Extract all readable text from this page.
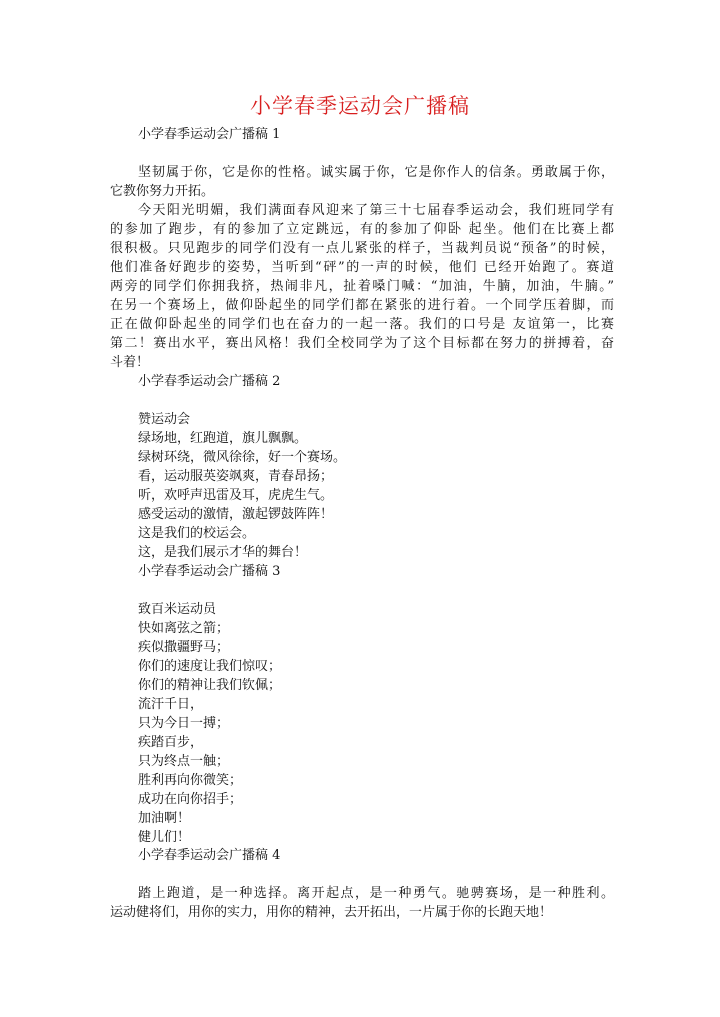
小学春季运动会广播稿
小学春季运动会广播稿 1
坚韧属于你，它是你的性格。诚实属于你，它是你作人的信条。勇敢属于你，
它教你努力开拓。
今天阳光明媚，我们满面春风迎来了第三十七届春季运动会，我们班同学有
的参加了跑步，有的参加了立定跳远，有的参加了仰卧 起坐。他们在比赛上都
很积极。只见跑步的同学们没有一点儿紧张的样子，当裁判员说“预备”的时候，
他们准备好跑步的姿势，当听到“砰”的一声的时候，他们 已经开始跑了。赛道
两旁的同学们你拥我挤，热闹非凡，扯着嗓门喊：“加油，牛腩，加油，牛腩。”
在另一个赛场上，做仰卧起坐的同学们都在紧张的进行着。一个同学压着脚，而
正在做仰卧起坐的同学们也在奋力的一起一落。我们的口号是 友谊第一，比赛
第二！赛出水平，赛出风格！我们全校同学为了这个目标都在努力的拼搏着，奋
斗着！
小学春季运动会广播稿 2
赞运动会
绿场地，红跑道，旗儿飘飘。
绿树环绕，微风徐徐，好一个赛场。
看，运动服英姿飒爽，青春昂扬；
听，欢呼声迅雷及耳，虎虎生气。
感受运动的激情，激起锣鼓阵阵！
这是我们的校运会。
这，是我们展示才华的舞台！
小学春季运动会广播稿 3
致百米运动员
快如离弦之箭；
疾似撒疆野马；
你们的速度让我们惊叹；
你们的精神让我们钦佩；
流汗千日，
只为今日一搏；
疾踏百步，
只为终点一触；
胜利再向你微笑；
成功在向你招手；
加油啊！
健儿们！
小学春季运动会广播稿 4
踏上跑道，是一种选择。离开起点，是一种勇气。驰骋赛场，是一种胜利。
运动健将们，用你的实力，用你的精神，去开拓出，一片属于你的长跑天地！
